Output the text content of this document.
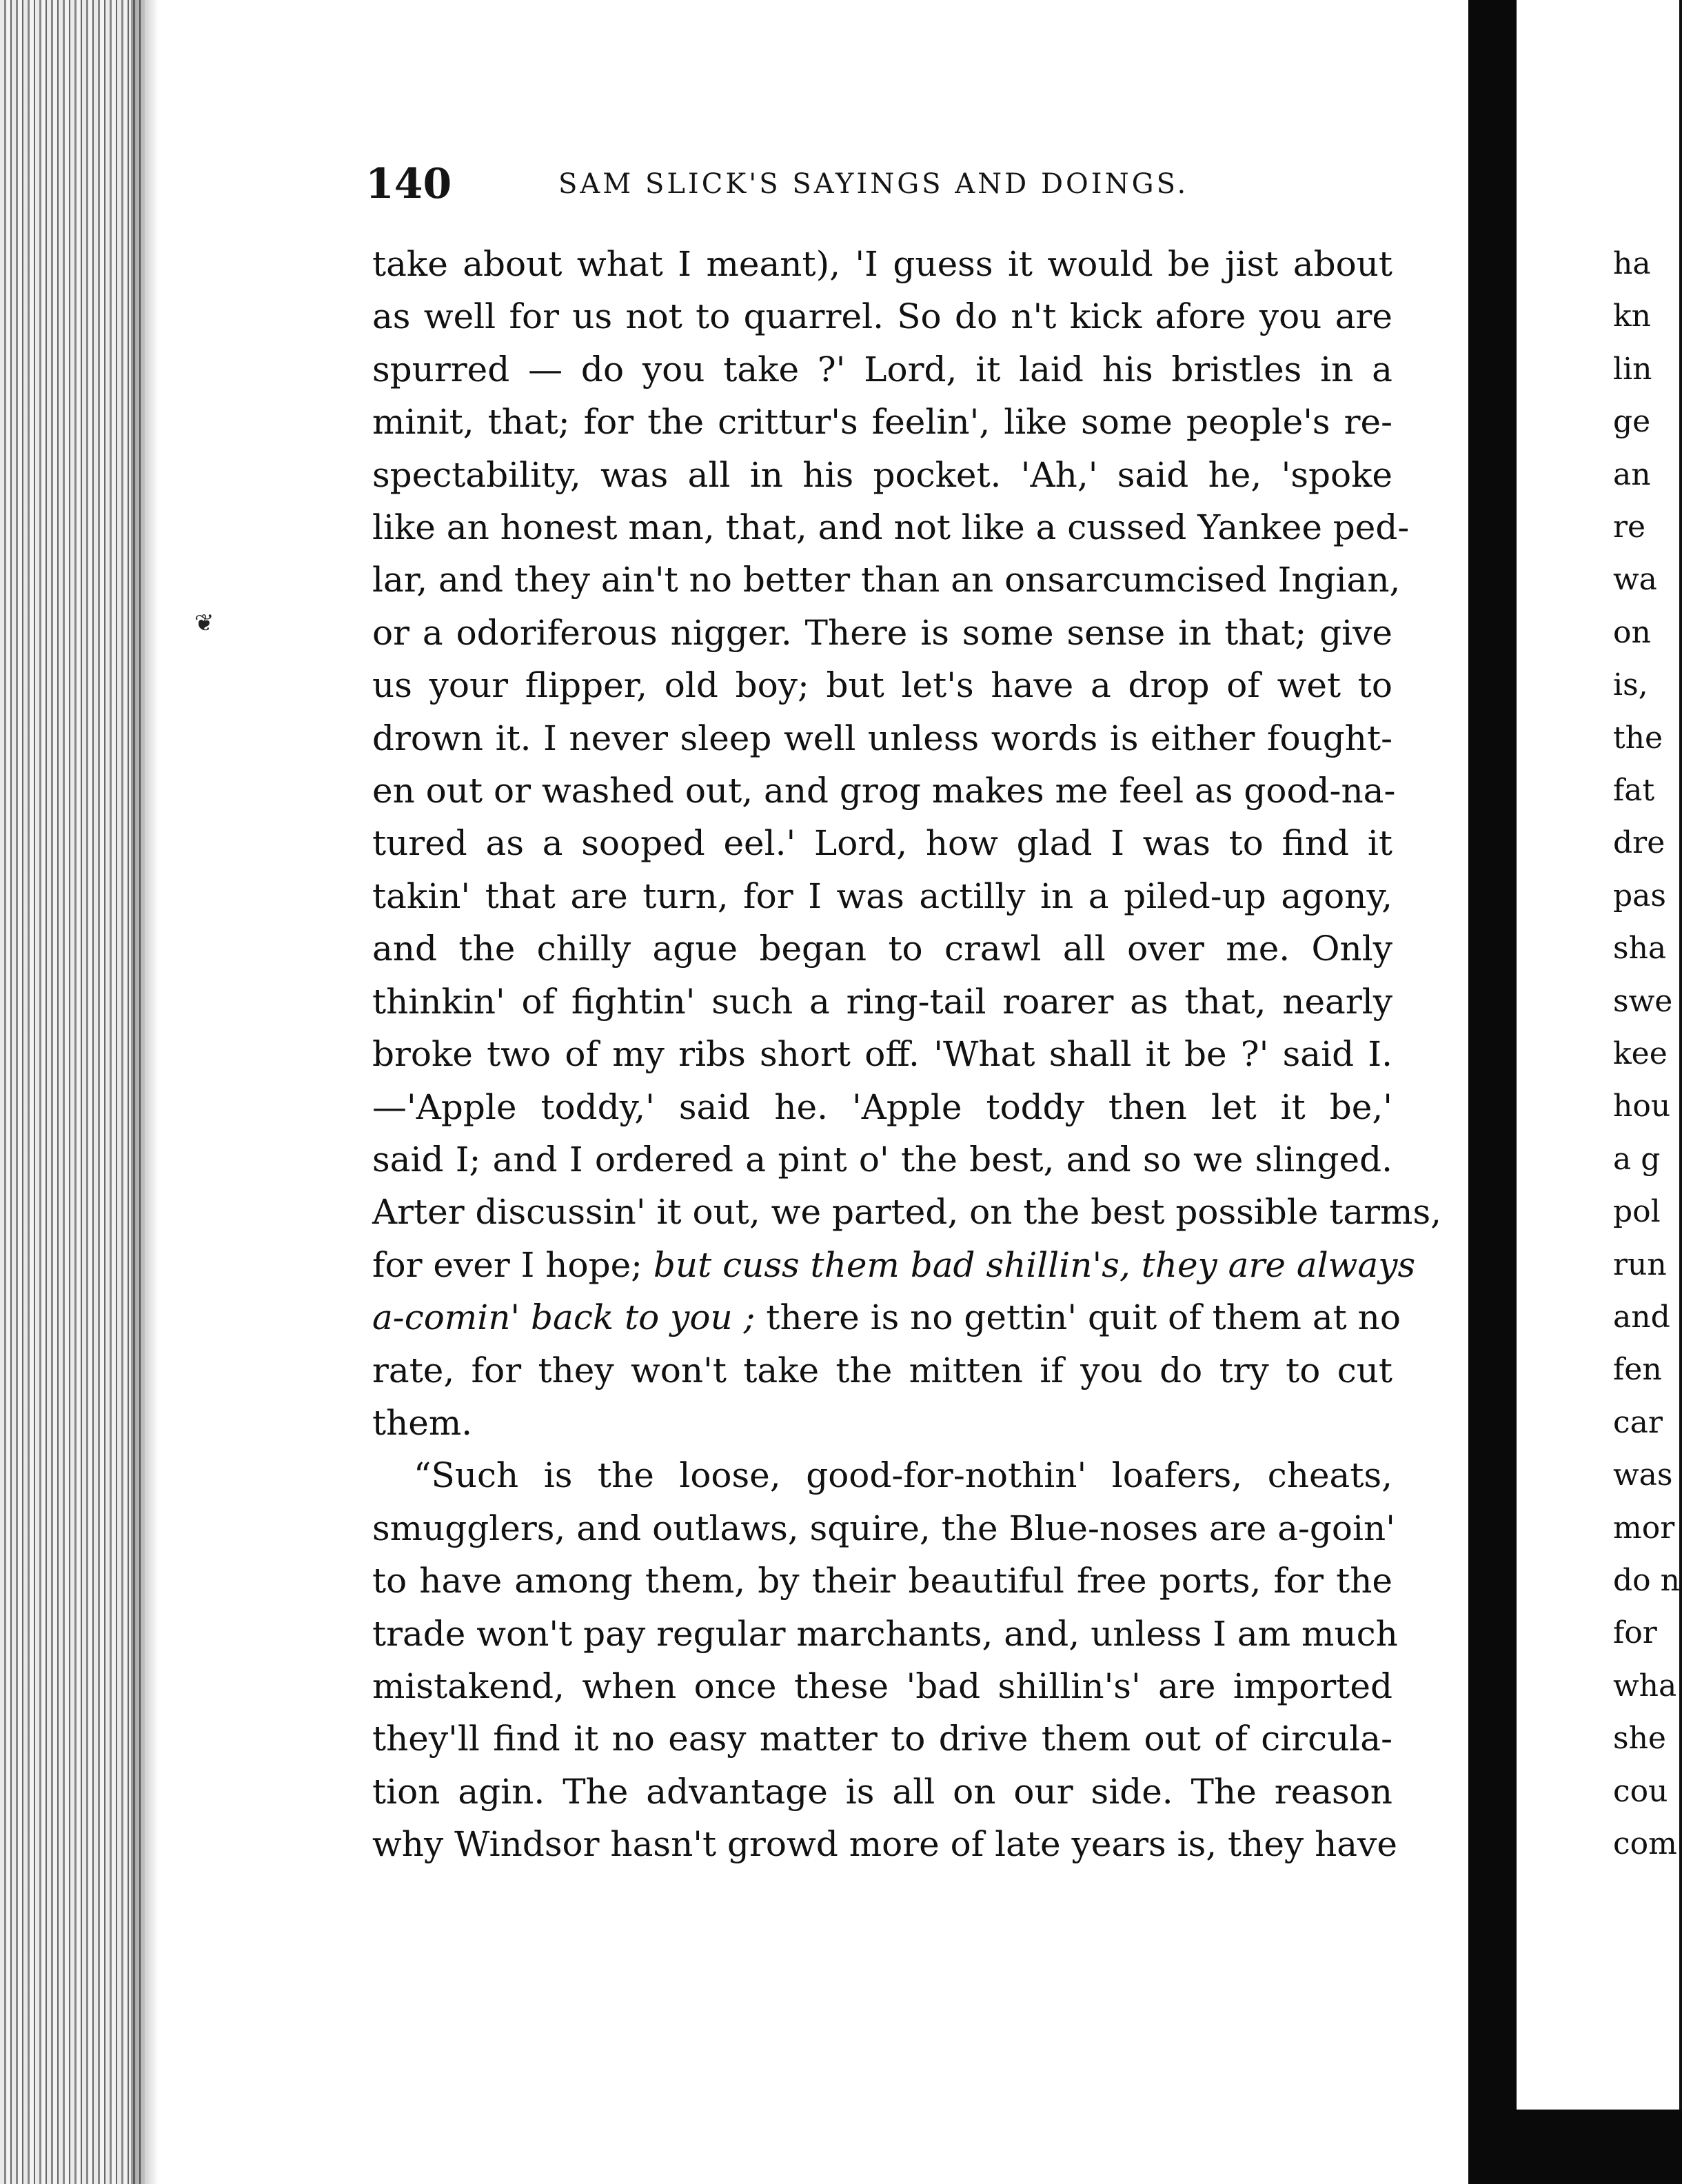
ha
kn
lin
ge
an
re
wa
on
is,
the
fat
dre
pas
sha
swe
kee
hou
a g
pol
run
and
fen
car
was
mor
do n
for
wha
she
cou
com
❦
140	SAM SLICK'S SAYINGS AND DOINGS.
take about what I meant), 'I guess it would be jist about
as well for us not to quarrel. So do n't kick afore you are
spurred — do you take ?' Lord, it laid his bristles in a
minit, that; for the crittur's feelin', like some people's re-
spectability, was all in his pocket. 'Ah,' said he, 'spoke
like an honest man, that, and not like a cussed Yankee ped-
lar, and they ain't no better than an onsarcumcised Ingian,
or a odoriferous nigger. There is some sense in that; give
us your flipper, old boy; but let's have a drop of wet to
drown it. I never sleep well unless words is either fought-
en out or washed out, and grog makes me feel as good-na-
tured as a sooped eel.' Lord, how glad I was to find it
takin' that are turn, for I was actilly in a piled-up agony,
and the chilly ague began to crawl all over me. Only
thinkin' of fightin' such a ring-tail roarer as that, nearly
broke two of my ribs short off. 'What shall it be ?' said I.
—'Apple toddy,' said he. 'Apple toddy then let it be,'
said I; and I ordered a pint o' the best, and so we slinged.
Arter discussin' it out, we parted, on the best possible tarms,
for ever I hope; but cuss them bad shillin's, they are always
a-comin' back to you ; there is no gettin' quit of them at no
rate, for they won't take the mitten if you do try to cut
them.
“Such is the loose, good-for-nothin' loafers, cheats,
smugglers, and outlaws, squire, the Blue-noses are a-goin'
to have among them, by their beautiful free ports, for the
trade won't pay regular marchants, and, unless I am much
mistakend, when once these 'bad shillin's' are imported
they'll find it no easy matter to drive them out of circula-
tion agin. The advantage is all on our side. The reason
why Windsor hasn't growd more of late years is, they have
